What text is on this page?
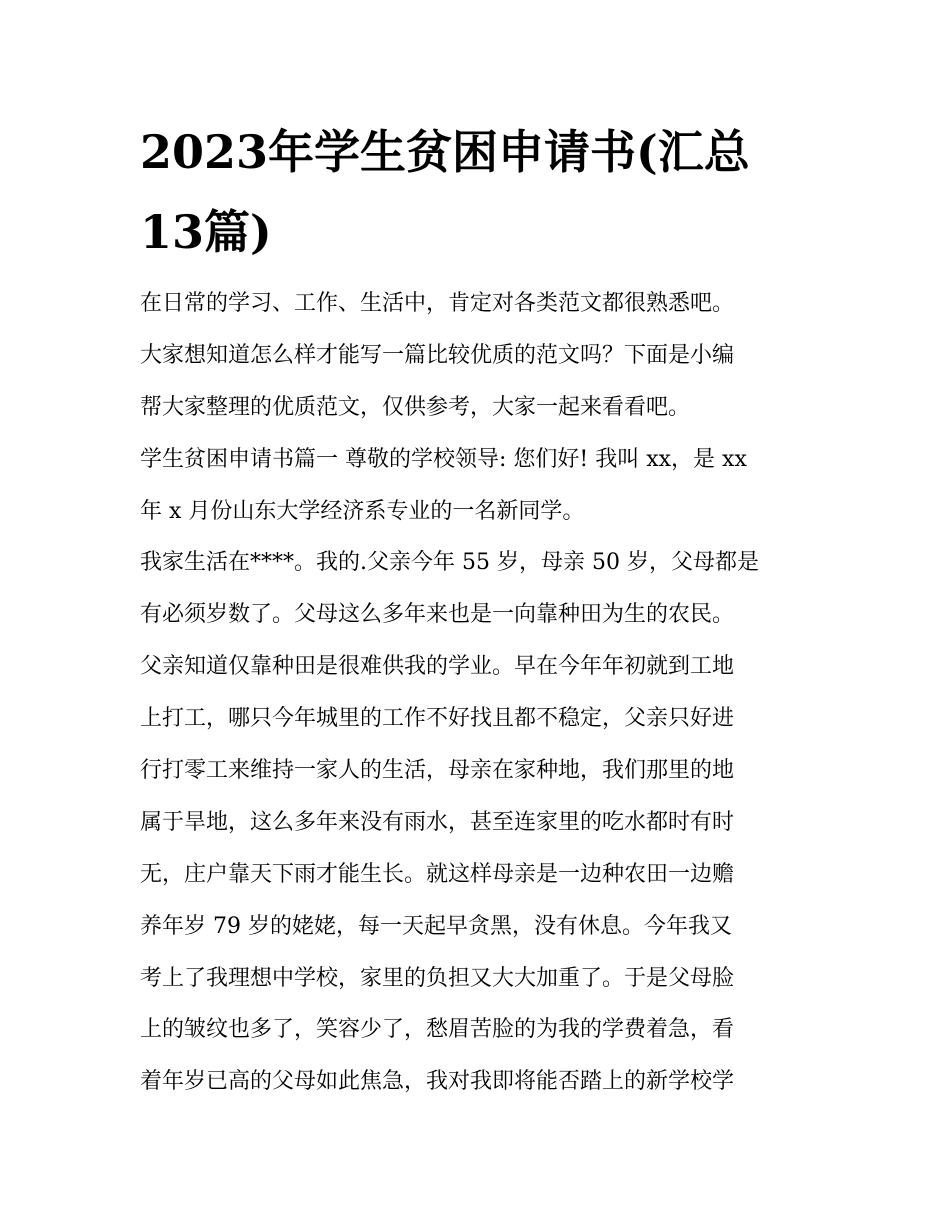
2023年学生贫困申请书(汇总
13篇)
在日常的学习、工作、生活中，肯定对各类范文都很熟悉吧。
大家想知道怎么样才能写一篇比较优质的范文吗？下面是小编
帮大家整理的优质范文，仅供参考，大家一起来看看吧。
学生贫困申请书篇一 尊敬的学校领导: 您们好! 我叫 xx，是 xx
年 x 月份山东大学经济系专业的一名新同学。
我家生活在****。我的.父亲今年 55 岁，母亲 50 岁，父母都是
有必须岁数了。父母这么多年来也是一向靠种田为生的农民。
父亲知道仅靠种田是很难供我的学业。早在今年年初就到工地
上打工，哪只今年城里的工作不好找且都不稳定，父亲只好进
行打零工来维持一家人的生活，母亲在家种地，我们那里的地
属于旱地，这么多年来没有雨水，甚至连家里的吃水都时有时
无，庄户靠天下雨才能生长。就这样母亲是一边种农田一边赡
养年岁 79 岁的姥姥，每一天起早贪黑，没有休息。今年我又
考上了我理想中学校，家里的负担又大大加重了。于是父母脸
上的皱纹也多了，笑容少了，愁眉苦脸的为我的学费着急，看
着年岁已高的父母如此焦急，我对我即将能否踏上的新学校学
